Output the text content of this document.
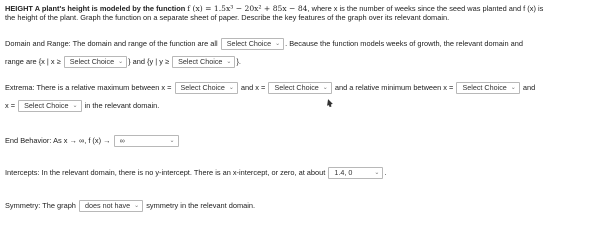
HEIGHT A plant's height is modeled by the function f (x) = 1.5x³ − 20x² + 85x − 84, where x is the number of weeks since the seed was planted and f (x) is
the height of the plant. Graph the function on a separate sheet of paper. Describe the key features of the graph over its relevant domain.
Domain and Range: The domain and range of the function are all Select Choice ⌄ . Because the function models weeks of growth, the relevant domain and
range are {x | x ≥ Select Choice ⌄ } and {y | y ≥ Select Choice ⌄ }.
Extrema: There is a relative maximum between x = Select Choice ⌄ and x = Select Choice ⌄ and a relative minimum between x = Select Choice ⌄ and
x = Select Choice ⌄ in the relevant domain.
End Behavior: As x → ∞, f (x) → ∞	⌄
Intercepts: In the relevant domain, there is no y-intercept. There is an x-intercept, or zero, at about 1.4, 0	⌄ .
Symmetry: The graph does not have ⌄ symmetry in the relevant domain.
